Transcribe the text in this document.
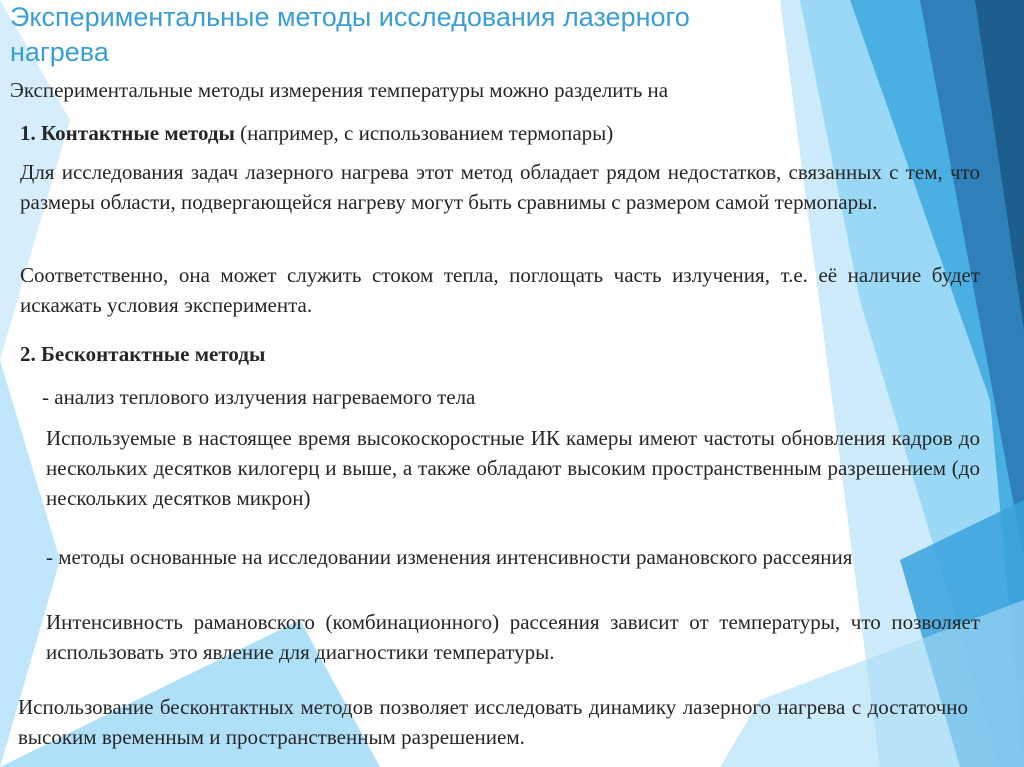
Экспериментальные методы исследования лазерного нагрева
Экспериментальные методы измерения температуры можно разделить на
1. Контактные методы (например, с использованием термопары)
Для исследования задач лазерного нагрева этот метод обладает рядом недостатков, связанных с тем, что размеры области, подвергающейся нагреву могут быть сравнимы с размером самой термопары.
Соответственно, она может служить стоком тепла, поглощать часть излучения, т.е. её наличие будет искажать условия эксперимента.
2. Бесконтактные методы
- анализ теплового излучения нагреваемого тела
Используемые в настоящее время высокоскоростные ИК камеры имеют частоты обновления кадров до нескольких десятков килогерц и выше, а также обладают высоким пространственным разрешением (до нескольких десятков микрон)
- методы основанные на исследовании изменения интенсивности рамановского рассеяния
Интенсивность рамановского (комбинационного) рассеяния зависит от температуры, что позволяет использовать это явление для диагностики температуры.
Использование бесконтактных методов позволяет исследовать динамику лазерного нагрева с достаточно высоким временным и пространственным разрешением.
